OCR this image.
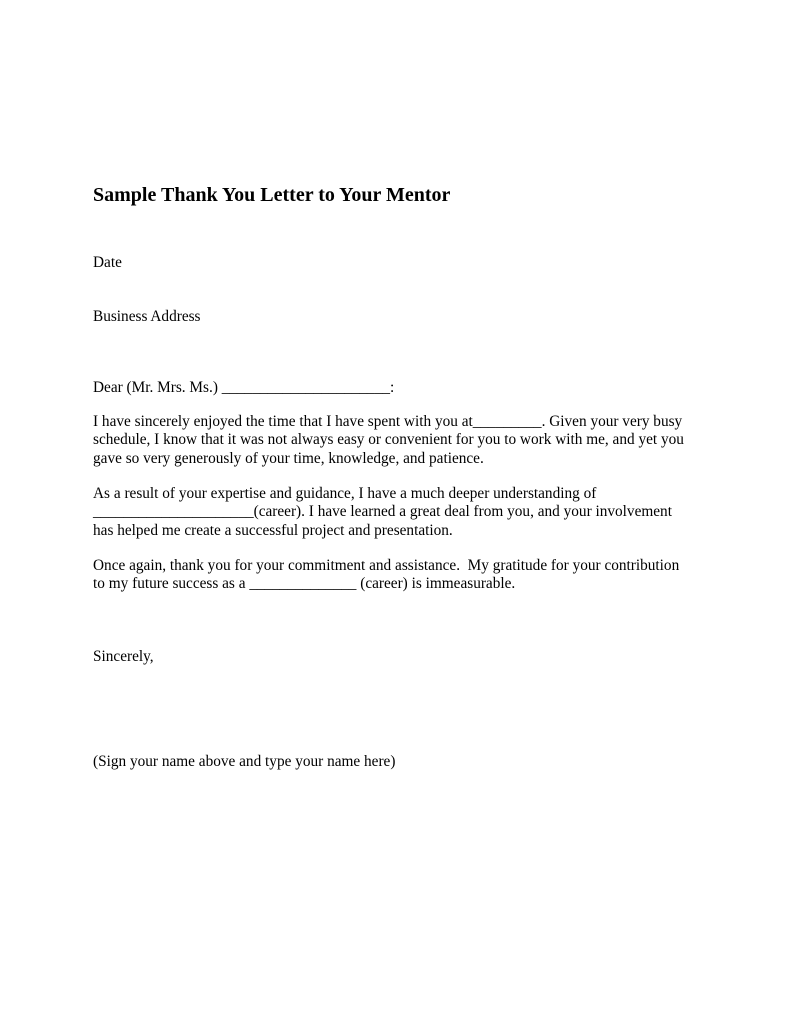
Sample Thank You Letter to Your Mentor

Date

Business Address

Dear (Mr. Mrs. Ms.) ______________________:

I have sincerely enjoyed the time that I have spent with you at_________. Given your very busy
schedule, I know that it was not always easy or convenient for you to work with me, and yet you
gave so very generously of your time, knowledge, and patience.
As a result of your expertise and guidance, I have a much deeper understanding of
_____________________(career). I have learned a great deal from you, and your involvement
has helped me create a successful project and presentation.
Once again, thank you for your commitment and assistance.  My gratitude for your contribution
to my future success as a ______________ (career) is immeasurable.

Sincerely,

(Sign your name above and type your name here)
